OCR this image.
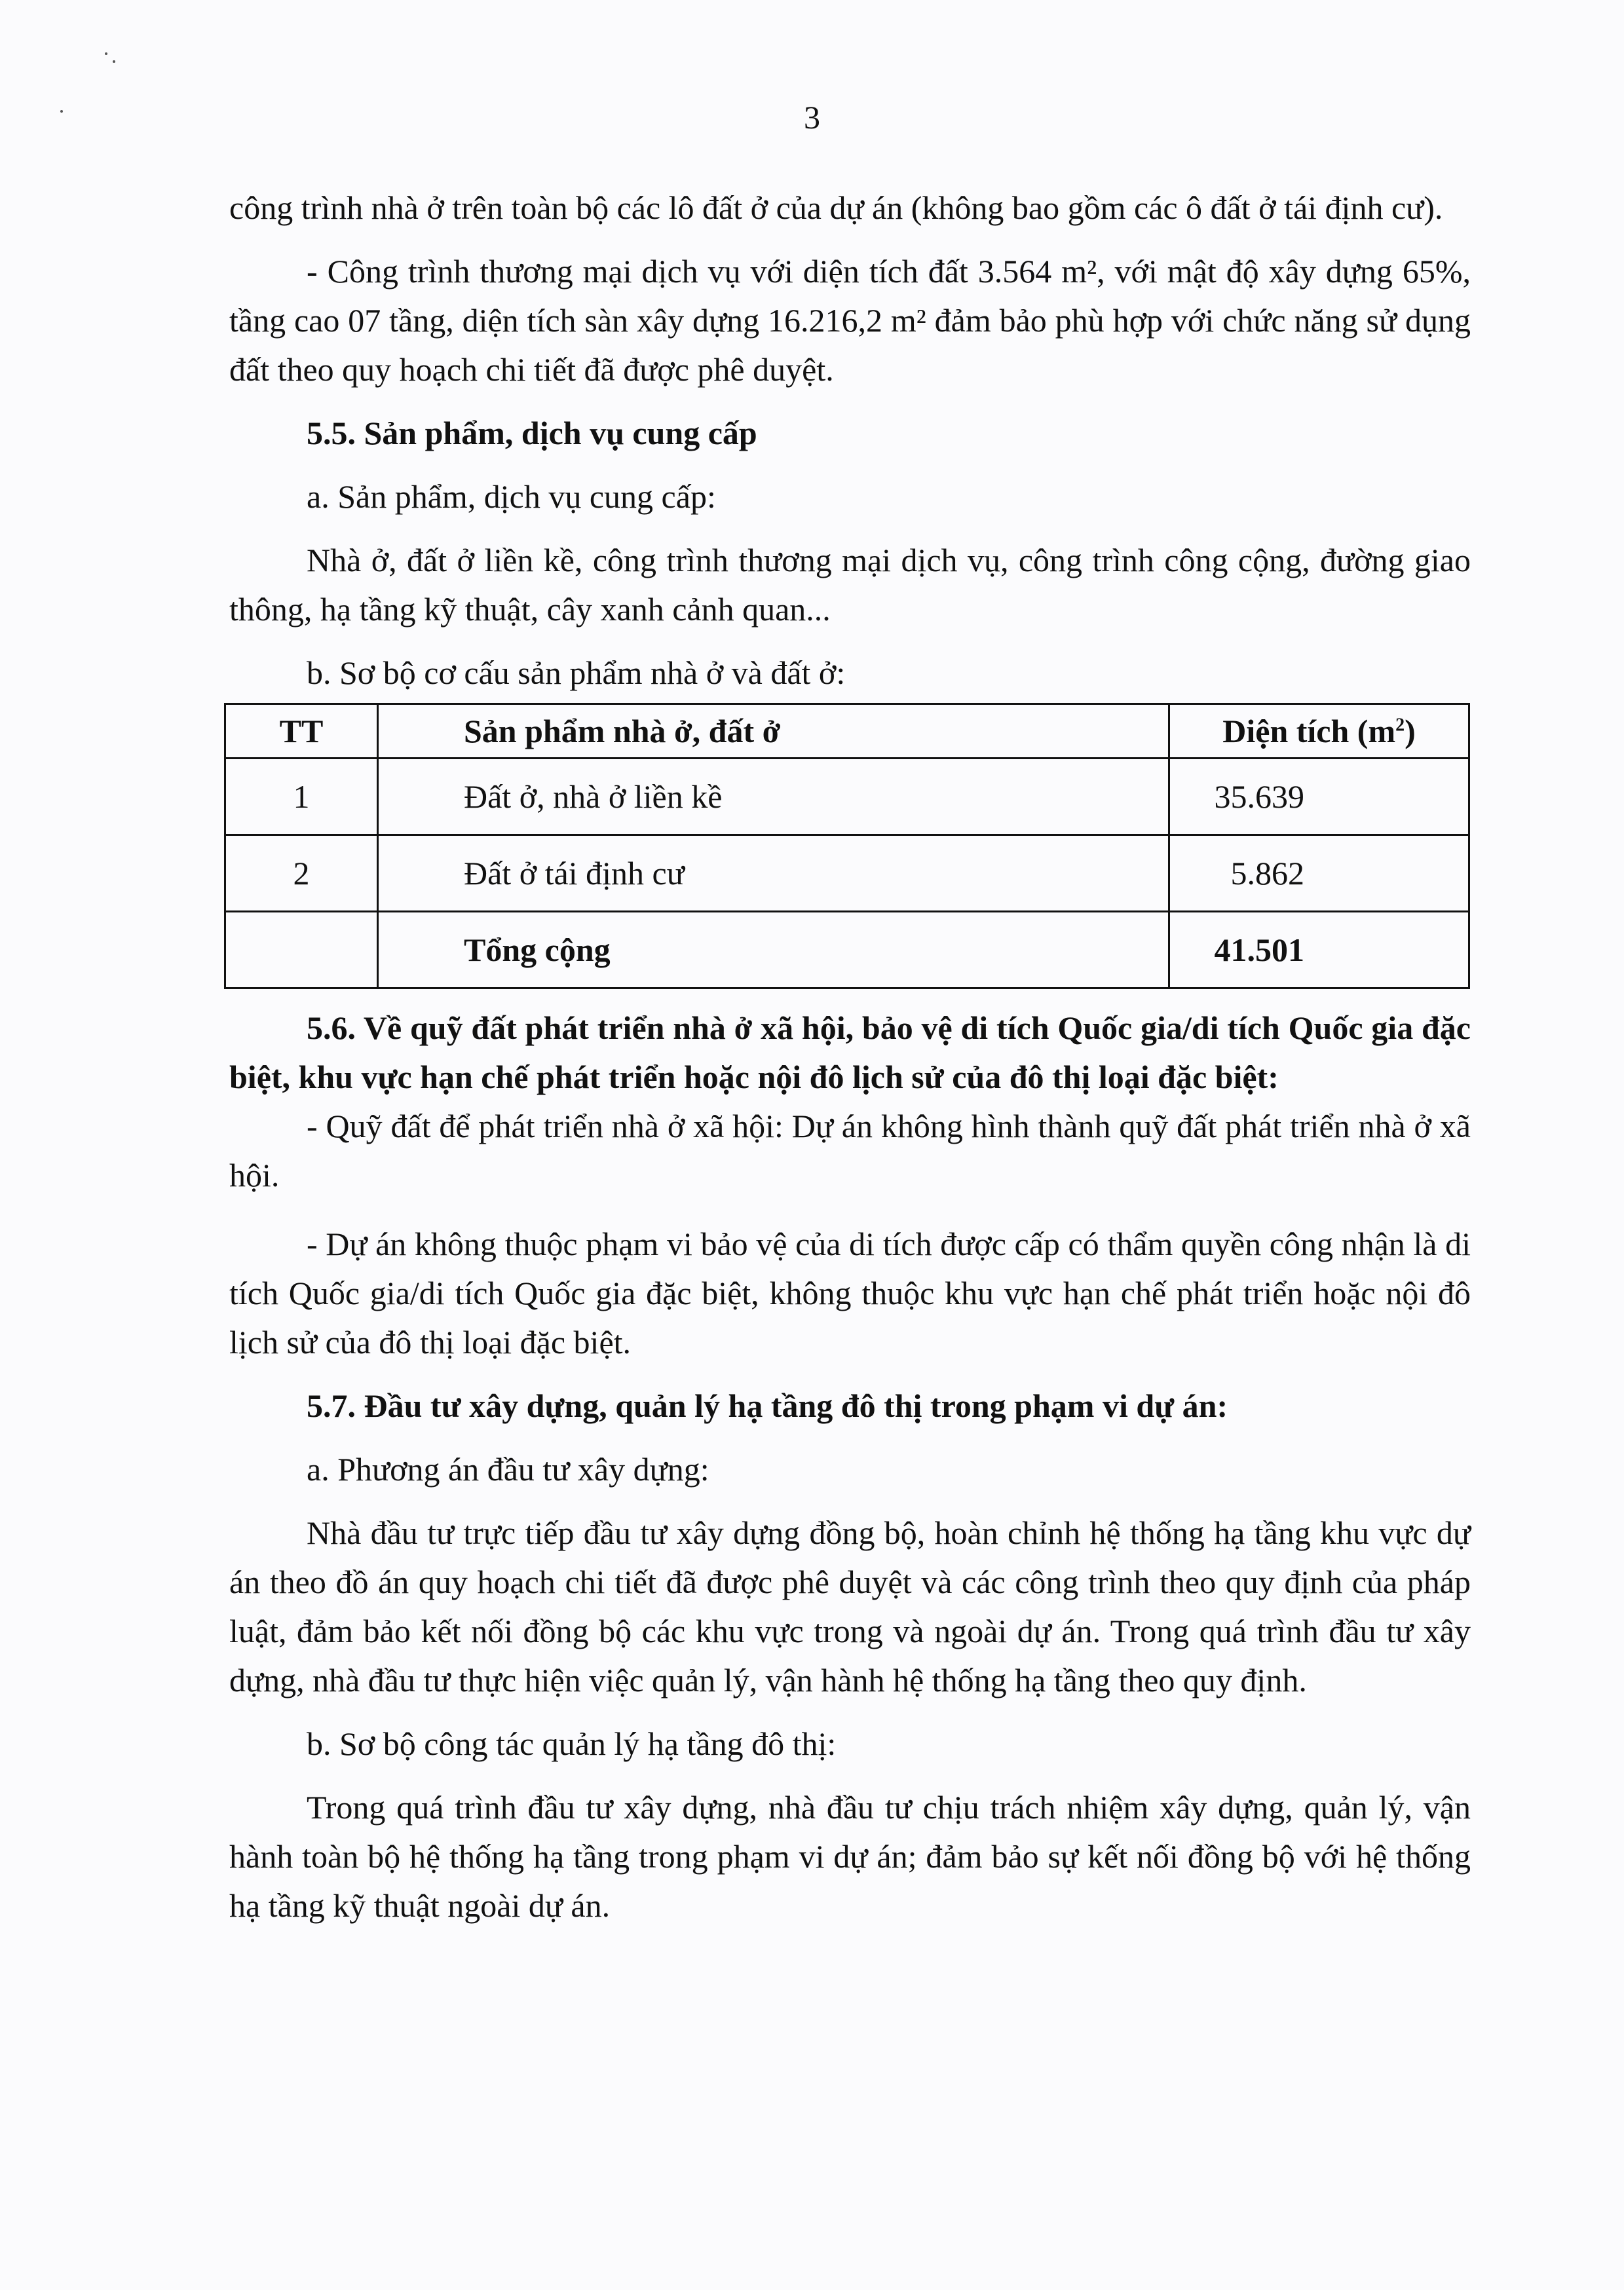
3

công trình nhà ở trên toàn bộ các lô đất ở của dự án (không bao gồm các ô đất ở tái định cư).

- Công trình thương mại dịch vụ với diện tích đất 3.564 m², với mật độ xây dựng 65%, tầng cao 07 tầng, diện tích sàn xây dựng 16.216,2 m² đảm bảo phù hợp với chức năng sử dụng đất theo quy hoạch chi tiết đã được phê duyệt.

5.5. Sản phẩm, dịch vụ cung cấp

a. Sản phẩm, dịch vụ cung cấp:

Nhà ở, đất ở liền kề, công trình thương mại dịch vụ, công trình công cộng, đường giao thông, hạ tầng kỹ thuật, cây xanh cảnh quan...

b. Sơ bộ cơ cấu sản phẩm nhà ở và đất ở:

TT	Sản phẩm nhà ở, đất ở	Diện tích $(m^2)$
1	Đất ở, nhà ở liền kề	35.639
2	Đất ở tái định cư	5.862
	Tổng cộng	41.501

5.6. Về quỹ đất phát triển nhà ở xã hội, bảo vệ di tích Quốc gia/di tích Quốc gia đặc biệt, khu vực hạn chế phát triển hoặc nội đô lịch sử của đô thị loại đặc biệt:

- Quỹ đất để phát triển nhà ở xã hội: Dự án không hình thành quỹ đất phát triển nhà ở xã hội.

- Dự án không thuộc phạm vi bảo vệ của di tích được cấp có thẩm quyền công nhận là di tích Quốc gia/di tích Quốc gia đặc biệt, không thuộc khu vực hạn chế phát triển hoặc nội đô lịch sử của đô thị loại đặc biệt.

5.7. Đầu tư xây dựng, quản lý hạ tầng đô thị trong phạm vi dự án:

a. Phương án đầu tư xây dựng:

Nhà đầu tư trực tiếp đầu tư xây dựng đồng bộ, hoàn chỉnh hệ thống hạ tầng khu vực dự án theo đồ án quy hoạch chi tiết đã được phê duyệt và các công trình theo quy định của pháp luật, đảm bảo kết nối đồng bộ các khu vực trong và ngoài dự án. Trong quá trình đầu tư xây dựng, nhà đầu tư thực hiện việc quản lý, vận hành hệ thống hạ tầng theo quy định.

b. Sơ bộ công tác quản lý hạ tầng đô thị:

Trong quá trình đầu tư xây dựng, nhà đầu tư chịu trách nhiệm xây dựng, quản lý, vận hành toàn bộ hệ thống hạ tầng trong phạm vi dự án; đảm bảo sự kết nối đồng bộ với hệ thống hạ tầng kỹ thuật ngoài dự án.
